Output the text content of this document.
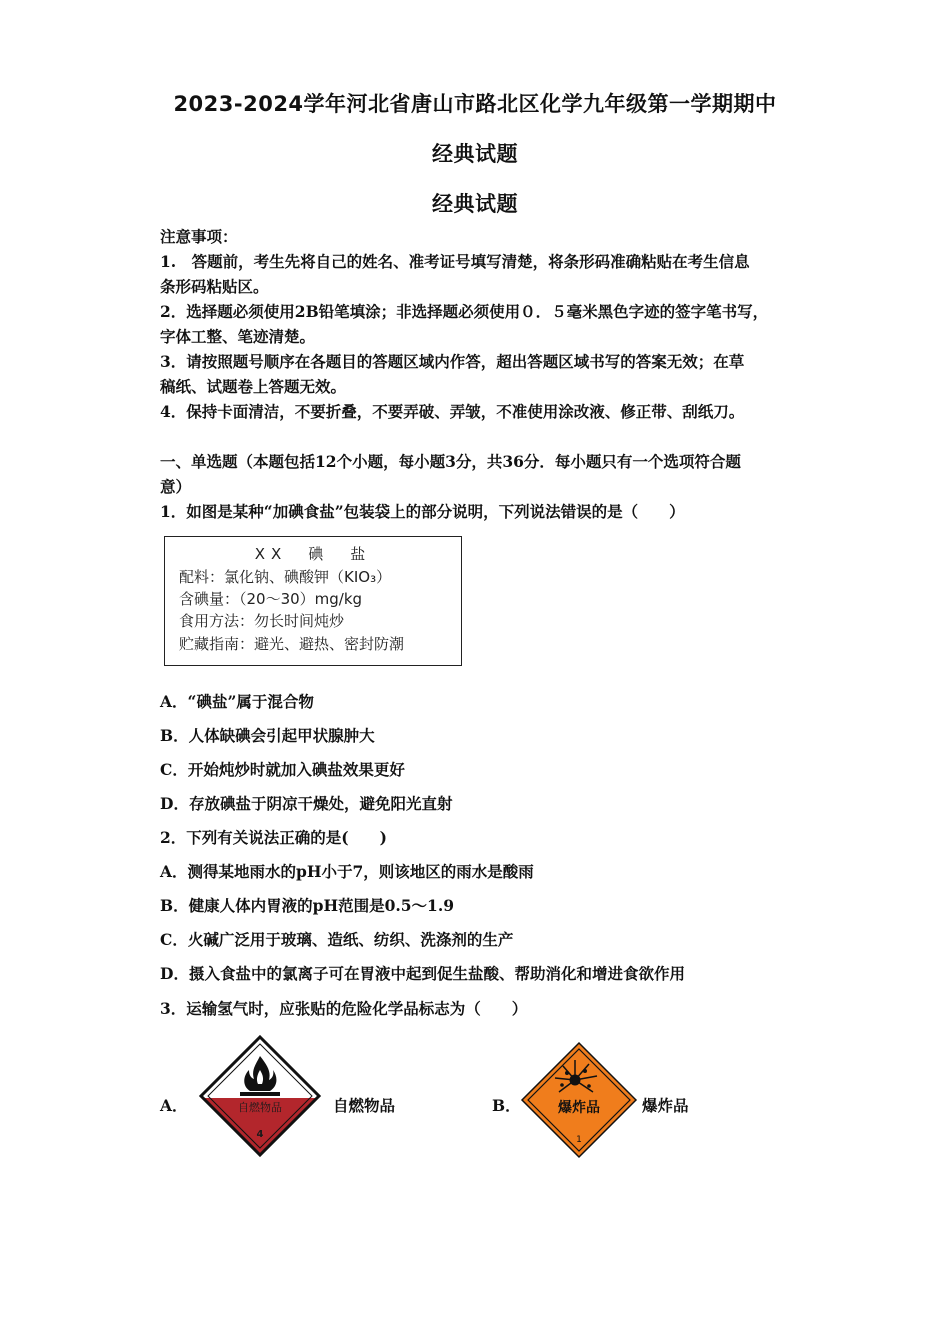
2023-2024学年河北省唐山市路北区化学九年级第一学期期中
经典试题
经典试题
注意事项：
1.　答题前，考生先将自己的姓名、准考证号填写清楚，将条形码准确粘贴在考生信息
条形码粘贴区。
2．选择题必须使用2B铅笔填涂；非选择题必须使用０．５毫米黑色字迹的签字笔书写，
字体工整、笔迹清楚。
3．请按照题号顺序在各题目的答题区域内作答，超出答题区域书写的答案无效；在草
稿纸、试题卷上答题无效。
4．保持卡面清洁，不要折叠，不要弄破、弄皱，不准使用涂改液、修正带、刮纸刀。
一、单选题（本题包括12个小题，每小题3分，共36分．每小题只有一个选项符合题
意）
1．如图是某种“加碘食盐”包装袋上的部分说明，下列说法错误的是（　　）
XX　碘　盐
配料：氯化钠、碘酸钾（KIO₃）
含碘量：（20～30）mg/kg
食用方法：勿长时间炖炒
贮藏指南：避光、避热、密封防潮
A．“碘盐”属于混合物
B．人体缺碘会引起甲状腺肿大
C．开始炖炒时就加入碘盐效果更好
D．存放碘盐于阴凉干燥处，避免阳光直射
2．下列有关说法正确的是(　　)
A．测得某地雨水的pH小于7，则该地区的雨水是酸雨
B．健康人体内胃液的pH范围是0.5～1.9
C．火碱广泛用于玻璃、造纸、纺织、洗涤剂的生产
D．摄入食盐中的氯离子可在胃液中起到促生盐酸、帮助消化和增进食欲作用
3．运输氢气时，应张贴的危险化学品标志为（　　）
A．	自燃物品
4
自燃物品	B．	爆炸品
1
爆炸品
